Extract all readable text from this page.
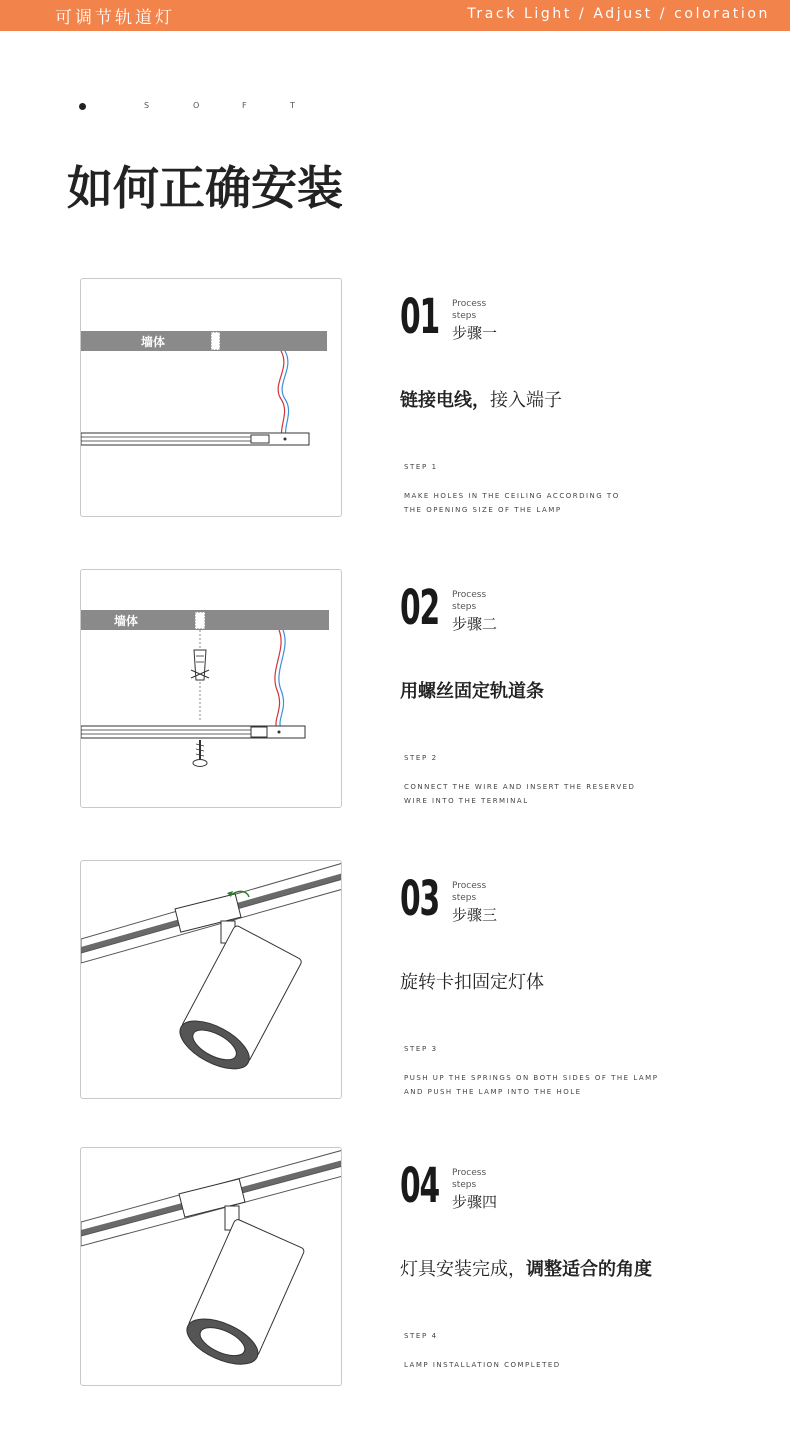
可调节轨道灯	Track Light / Adjust / coloration
S	O	F	T
如何正确安装
墙体	01 Process
steps
步骤一
链接电线，接入端子
STEP 1
MAKE HOLES IN THE CEILING ACCORDING TO
THE OPENING SIZE OF THE LAMP
墙体	02 Process
steps
步骤二
用螺丝固定轨道条
STEP 2
CONNECT THE WIRE AND INSERT THE RESERVED
WIRE INTO THE TERMINAL
03 Process
steps
步骤三
旋转卡扣固定灯体
STEP 3
PUSH UP THE SPRINGS ON BOTH SIDES OF THE LAMP
AND PUSH THE LAMP INTO THE HOLE
04 Process
steps
步骤四
灯具安装完成，调整适合的角度
STEP 4
LAMP INSTALLATION COMPLETED
